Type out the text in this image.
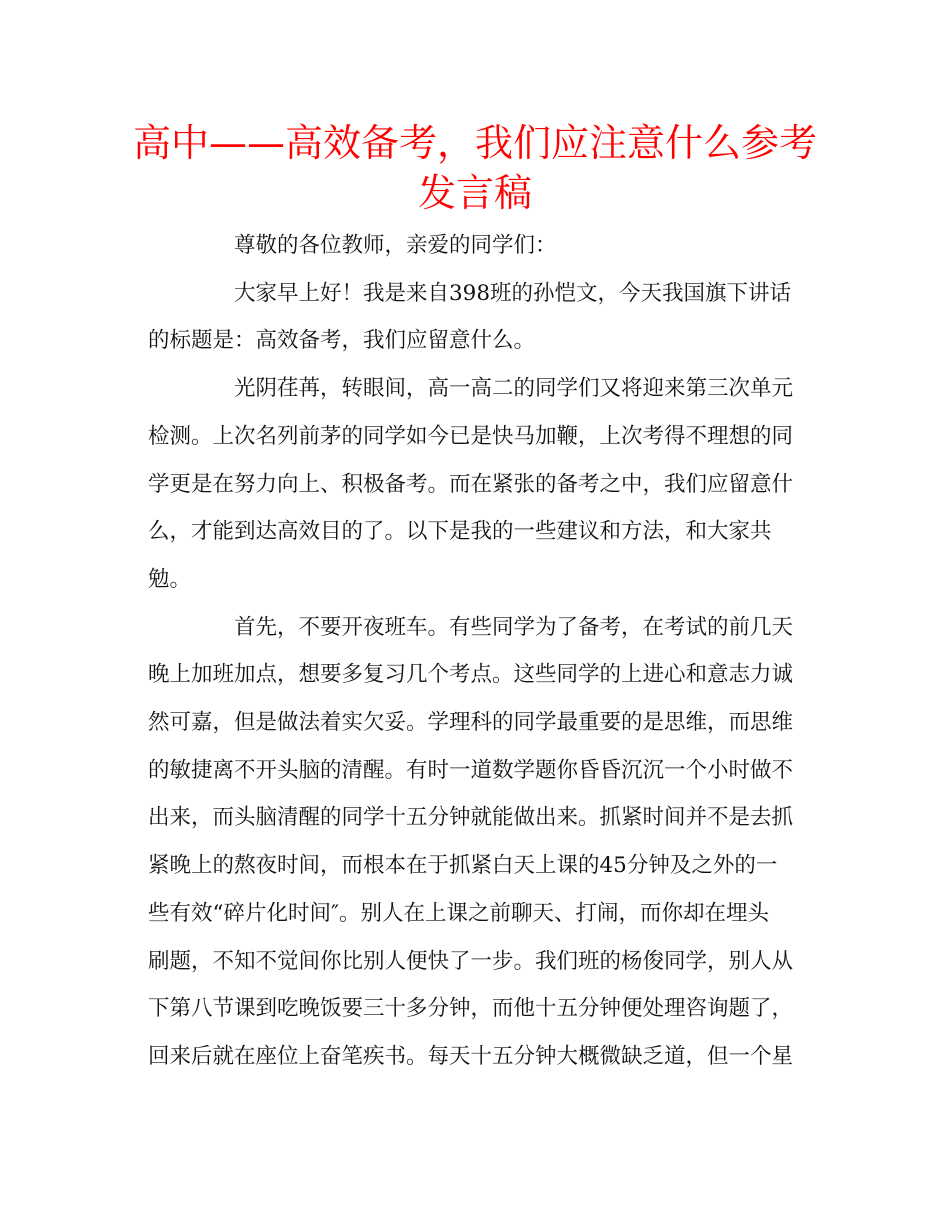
高中——高效备考，我们应注意什么参考
发言稿

尊敬的各位教师，亲爱的同学们：

大家早上好！我是来自398班的孙恺文，今天我国旗下讲话
的标题是：高效备考，我们应留意什么。

光阴荏苒，转眼间，高一高二的同学们又将迎来第三次单元
检测。上次名列前茅的同学如今已是快马加鞭，上次考得不理想的同
学更是在努力向上、积极备考。而在紧张的备考之中，我们应留意什
么，才能到达高效目的了。以下是我的一些建议和方法，和大家共
勉。

首先，不要开夜班车。有些同学为了备考，在考试的前几天
晚上加班加点，想要多复习几个考点。这些同学的上进心和意志力诚
然可嘉，但是做法着实欠妥。学理科的同学最重要的是思维，而思维
的敏捷离不开头脑的清醒。有时一道数学题你昏昏沉沉一个小时做不
出来，而头脑清醒的同学十五分钟就能做出来。抓紧时间并不是去抓
紧晚上的熬夜时间，而根本在于抓紧白天上课的45分钟及之外的一
些有效“碎片化时间″。别人在上课之前聊天、打闹，而你却在埋头
刷题，不知不觉间你比别人便快了一步。我们班的杨俊同学，别人从
下第八节课到吃晚饭要三十多分钟，而他十五分钟便处理咨询题了，
回来后就在座位上奋笔疾书。每天十五分钟大概微缺乏道，但一个星
